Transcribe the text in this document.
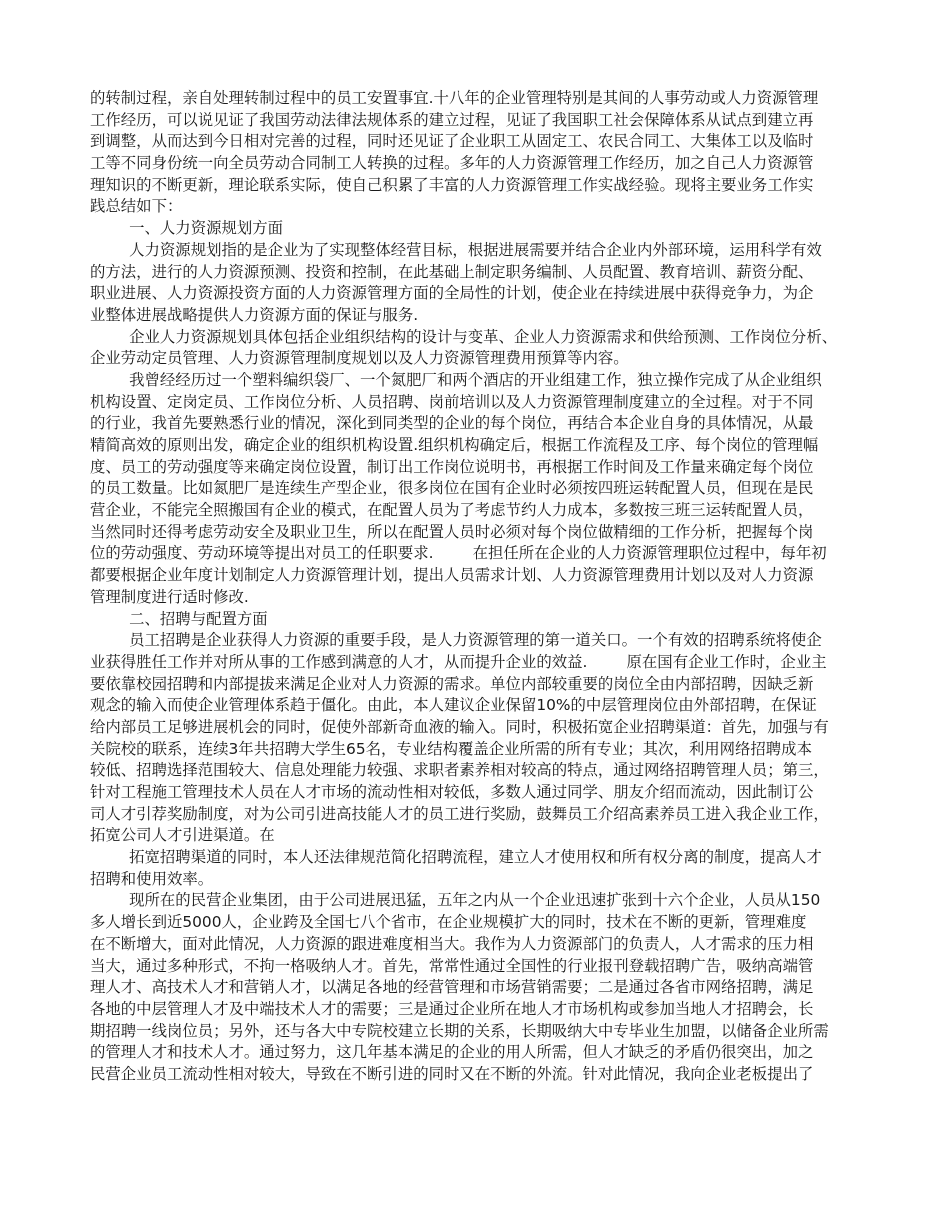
的转制过程，亲自处理转制过程中的员工安置事宜.十八年的企业管理特别是其间的人事劳动或人力资源管理
工作经历，可以说见证了我国劳动法律法规体系的建立过程，见证了我国职工社会保障体系从试点到建立再
到调整，从而达到今日相对完善的过程，同时还见证了企业职工从固定工、农民合同工、大集体工以及临时
工等不同身份统一向全员劳动合同制工人转换的过程。多年的人力资源管理工作经历，加之自己人力资源管
理知识的不断更新，理论联系实际，使自己积累了丰富的人力资源管理工作实战经验。现将主要业务工作实
践总结如下：
一、人力资源规划方面
人力资源规划指的是企业为了实现整体经营目标，根据进展需要并结合企业内外部环境，运用科学有效
的方法，进行的人力资源预测、投资和控制，在此基础上制定职务编制、人员配置、教育培训、薪资分配、
职业进展、人力资源投资方面的人力资源管理方面的全局性的计划，使企业在持续进展中获得竞争力，为企
业整体进展战略提供人力资源方面的保证与服务.
企业人力资源规划具体包括企业组织结构的设计与变革、企业人力资源需求和供给预测、工作岗位分析、
企业劳动定员管理、人力资源管理制度规划以及人力资源管理费用预算等内容。
我曾经经历过一个塑料编织袋厂、一个氮肥厂和两个酒店的开业组建工作，独立操作完成了从企业组织
机构设置、定岗定员、工作岗位分析、人员招聘、岗前培训以及人力资源管理制度建立的全过程。对于不同
的行业，我首先要熟悉行业的情况，深化到同类型的企业的每个岗位，再结合本企业自身的具体情况，从最
精简高效的原则出发，确定企业的组织机构设置.组织机构确定后，根据工作流程及工序、每个岗位的管理幅
度、员工的劳动强度等来确定岗位设置，制订出工作岗位说明书，再根据工作时间及工作量来确定每个岗位
的员工数量。比如氮肥厂是连续生产型企业，很多岗位在国有企业时必须按四班运转配置人员，但现在是民
营企业，不能完全照搬国有企业的模式，在配置人员为了考虑节约人力成本，多数按三班三运转配置人员，
当然同时还得考虑劳动安全及职业卫生，所以在配置人员时必须对每个岗位做精细的工作分析，把握每个岗
位的劳动强度、劳动环境等提出对员工的任职要求.        在担任所在企业的人力资源管理职位过程中，每年初
都要根据企业年度计划制定人力资源管理计划，提出人员需求计划、人力资源管理费用计划以及对人力资源
管理制度进行适时修改.
二、招聘与配置方面
员工招聘是企业获得人力资源的重要手段，是人力资源管理的第一道关口。一个有效的招聘系统将使企
业获得胜任工作并对所从事的工作感到满意的人才，从而提升企业的效益.        原在国有企业工作时，企业主
要依靠校园招聘和内部提拔来满足企业对人力资源的需求。单位内部较重要的岗位全由内部招聘，因缺乏新
观念的输入而使企业管理体系趋于僵化。由此，本人建议企业保留10%的中层管理岗位由外部招聘，在保证
给内部员工足够进展机会的同时，促使外部新奇血液的输入。同时，积极拓宽企业招聘渠道：首先，加强与有
关院校的联系，连续3年共招聘大学生65名，专业结构覆盖企业所需的所有专业；其次，利用网络招聘成本
较低、招聘选择范围较大、信息处理能力较强、求职者素养相对较高的特点，通过网络招聘管理人员；第三，
针对工程施工管理技术人员在人才市场的流动性相对较低，多数人通过同学、朋友介绍而流动，因此制订公
司人才引荐奖励制度，对为公司引进高技能人才的员工进行奖励，鼓舞员工介绍高素养员工进入我企业工作，
拓宽公司人才引进渠道。在
拓宽招聘渠道的同时，本人还法律规范简化招聘流程，建立人才使用权和所有权分离的制度，提高人才
招聘和使用效率。
现所在的民营企业集团，由于公司进展迅猛，五年之内从一个企业迅速扩张到十六个企业，人员从150
多人增长到近5000人，企业跨及全国七八个省市，在企业规模扩大的同时，技术在不断的更新，管理难度
在不断增大，面对此情况，人力资源的跟进难度相当大。我作为人力资源部门的负责人，人才需求的压力相
当大，通过多种形式，不拘一格吸纳人才。首先，常常性通过全国性的行业报刊登载招聘广告，吸纳高端管
理人才、高技术人才和营销人才，以满足各地的经营管理和市场营销需要；二是通过各省市网络招聘，满足
各地的中层管理人才及中端技术人才的需要；三是通过企业所在地人才市场机构或参加当地人才招聘会，长
期招聘一线岗位员；另外，还与各大中专院校建立长期的关系，长期吸纳大中专毕业生加盟，以储备企业所需
的管理人才和技术人才。通过努力，这几年基本满足的企业的用人所需，但人才缺乏的矛盾仍很突出，加之
民营企业员工流动性相对较大，导致在不断引进的同时又在不断的外流。针对此情况，我向企业老板提出了
